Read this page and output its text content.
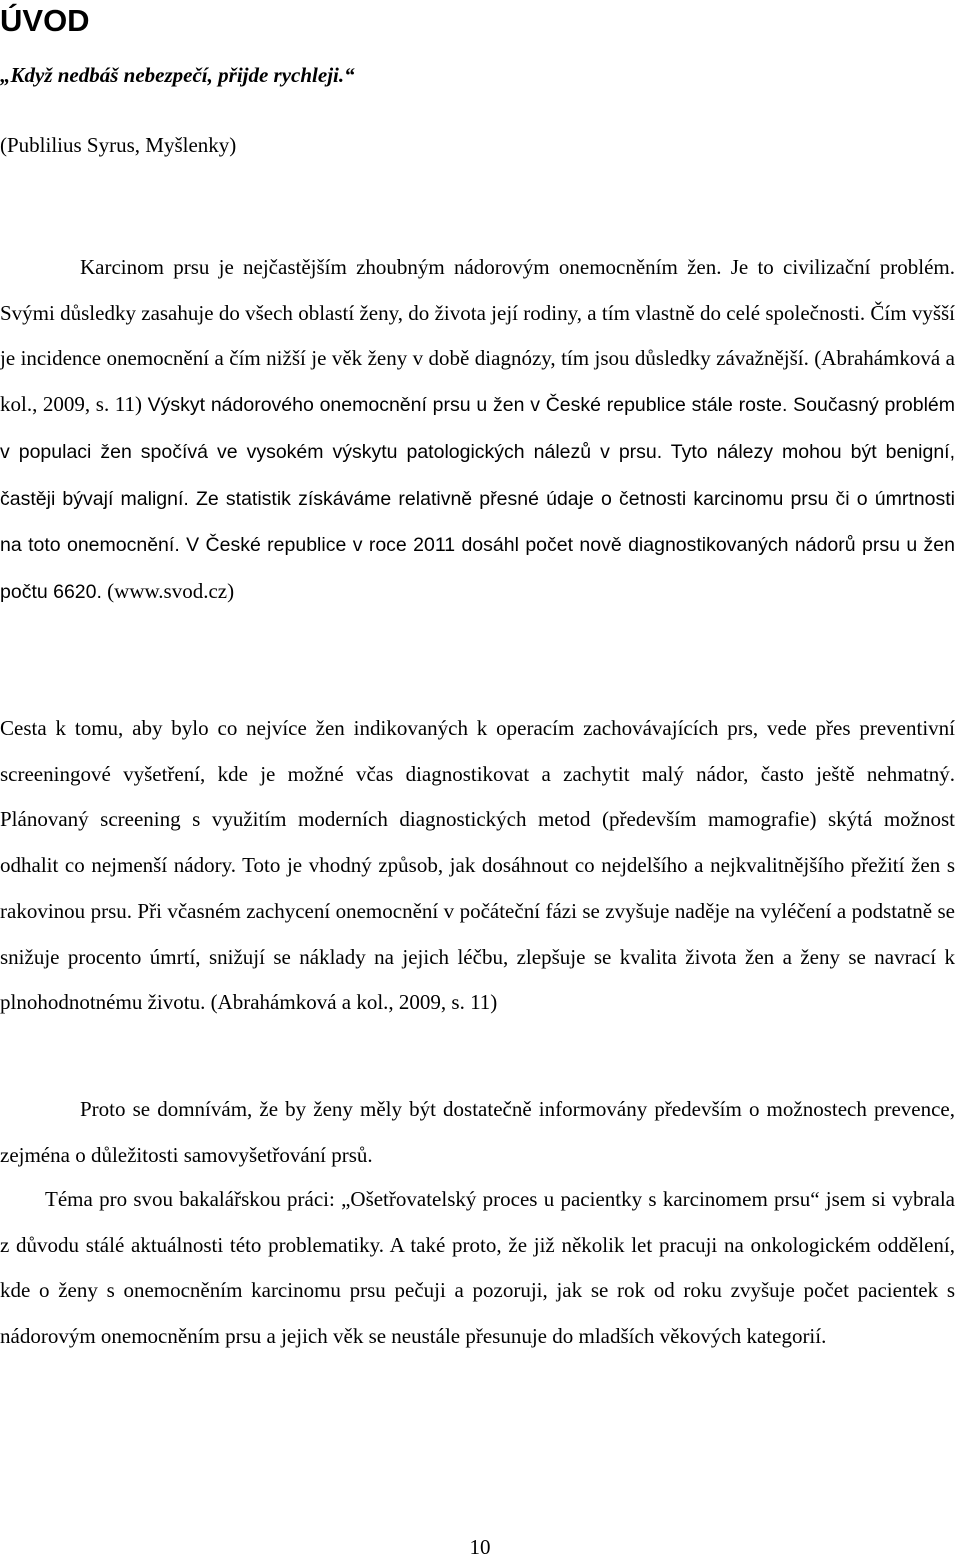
ÚVOD
„Když nedbáš nebezpečí, přijde rychleji.“
(Publilius Syrus, Myšlenky)

Karcinom prsu je nejčastějším zhoubným nádorovým onemocněním žen. Je to civilizační problém. Svými důsledky zasahuje do všech oblastí ženy, do života její rodiny, a tím vlastně do celé společnosti. Čím vyšší je incidence onemocnění a čím nižší je věk ženy v době diagnózy, tím jsou důsledky závažnější. (Abrahámková a kol., 2009, s. 11) Výskyt nádorového onemocnění prsu u žen v České republice stále roste. Současný problém v populaci žen spočívá ve vysokém výskytu patologických nálezů v prsu. Tyto nálezy mohou být benigní, častěji bývají maligní. Ze statistik získáváme relativně přesné údaje o četnosti karcinomu prsu či o úmrtnosti na toto onemocnění. V České republice v roce 2011 dosáhl počet nově diagnostikovaných nádorů prsu u žen počtu 6620. (www.svod.cz)

Cesta k tomu, aby bylo co nejvíce žen indikovaných k operacím zachovávajících prs, vede přes preventivní screeningové vyšetření, kde je možné včas diagnostikovat a zachytit malý nádor, často ještě nehmatný. Plánovaný screening s využitím moderních diagnostických metod (především mamografie) skýtá možnost odhalit co nejmenší nádory. Toto je vhodný způsob, jak dosáhnout co nejdelšího a nejkvalitnějšího přežití žen s rakovinou prsu. Při včasném zachycení onemocnění v počáteční fázi se zvyšuje naděje na vyléčení a podstatně se snižuje procento úmrtí, snižují se náklady na jejich léčbu, zlepšuje se kvalita života žen a ženy se navrací k plnohodnotnému životu. (Abrahámková a kol., 2009, s. 11)

Proto se domnívám, že by ženy měly být dostatečně informovány především o možnostech prevence, zejména o důležitosti samovyšetřování prsů.

Téma pro svou bakalářskou práci: „Ošetřovatelský proces u pacientky s karcinomem prsu“ jsem si vybrala z důvodu stálé aktuálnosti této problematiky. A také proto, že již několik let pracuji na onkologickém oddělení, kde o ženy s onemocněním karcinomu prsu pečuji a pozoruji, jak se rok od roku zvyšuje počet pacientek s nádorovým onemocněním prsu a jejich věk se neustále přesunuje do mladších věkových kategorií.

10
